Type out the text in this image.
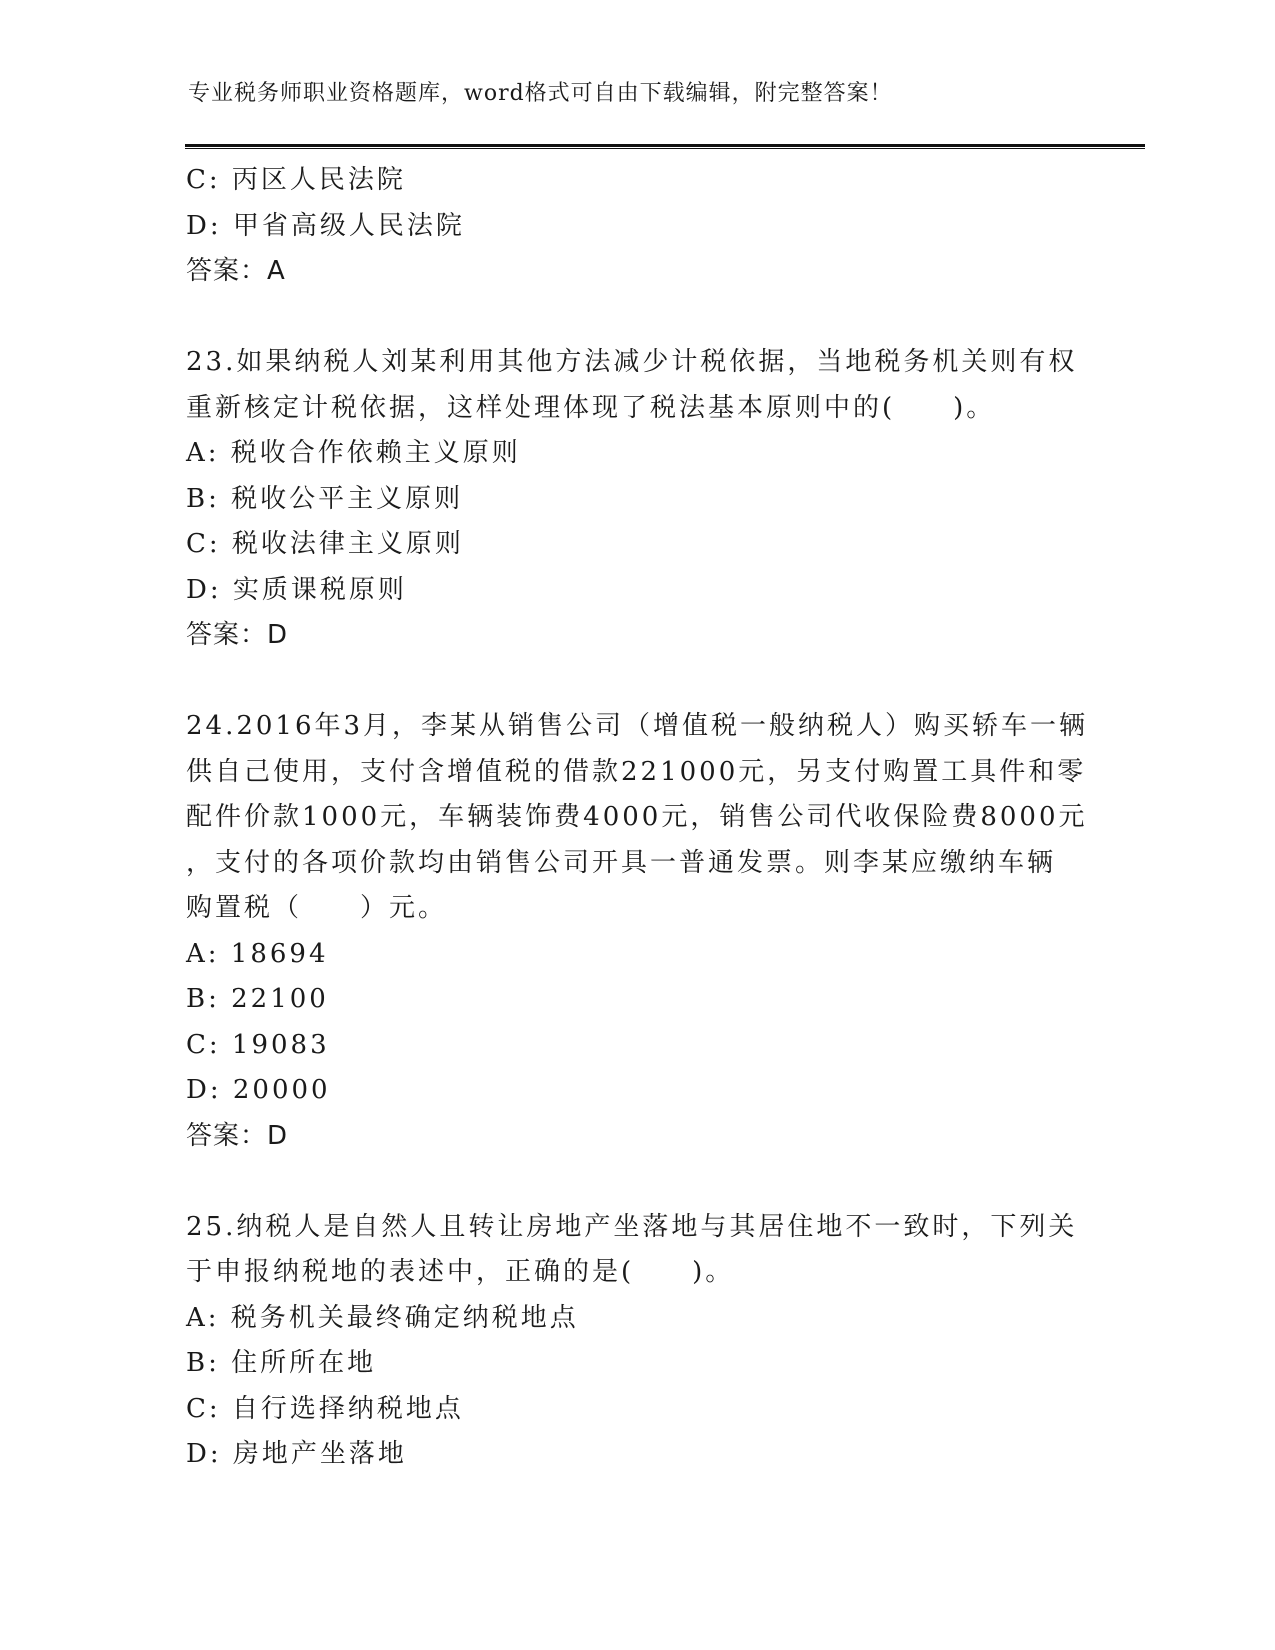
专业税务师职业资格题库，word格式可自由下载编辑，附完整答案！
C: 丙区人民法院
D: 甲省高级人民法院
答案：A
23.如果纳税人刘某利用其他方法减少计税依据，当地税务机关则有权
重新核定计税依据，这样处理体现了税法基本原则中的(　　)。
A: 税收合作依赖主义原则
B: 税收公平主义原则
C: 税收法律主义原则
D: 实质课税原则
答案：D
24.2016年3月，李某从销售公司（增值税一般纳税人）购买轿车一辆
供自己使用，支付含增值税的借款221000元，另支付购置工具件和零
配件价款1000元，车辆装饰费4000元，销售公司代收保险费8000元
，支付的各项价款均由销售公司开具一普通发票。则李某应缴纳车辆
购置税（　　）元。
A: 18694
B: 22100
C: 19083
D: 20000
答案：D
25.纳税人是自然人且转让房地产坐落地与其居住地不一致时，下列关
于申报纳税地的表述中，正确的是(　　)。
A: 税务机关最终确定纳税地点
B: 住所所在地
C: 自行选择纳税地点
D: 房地产坐落地
